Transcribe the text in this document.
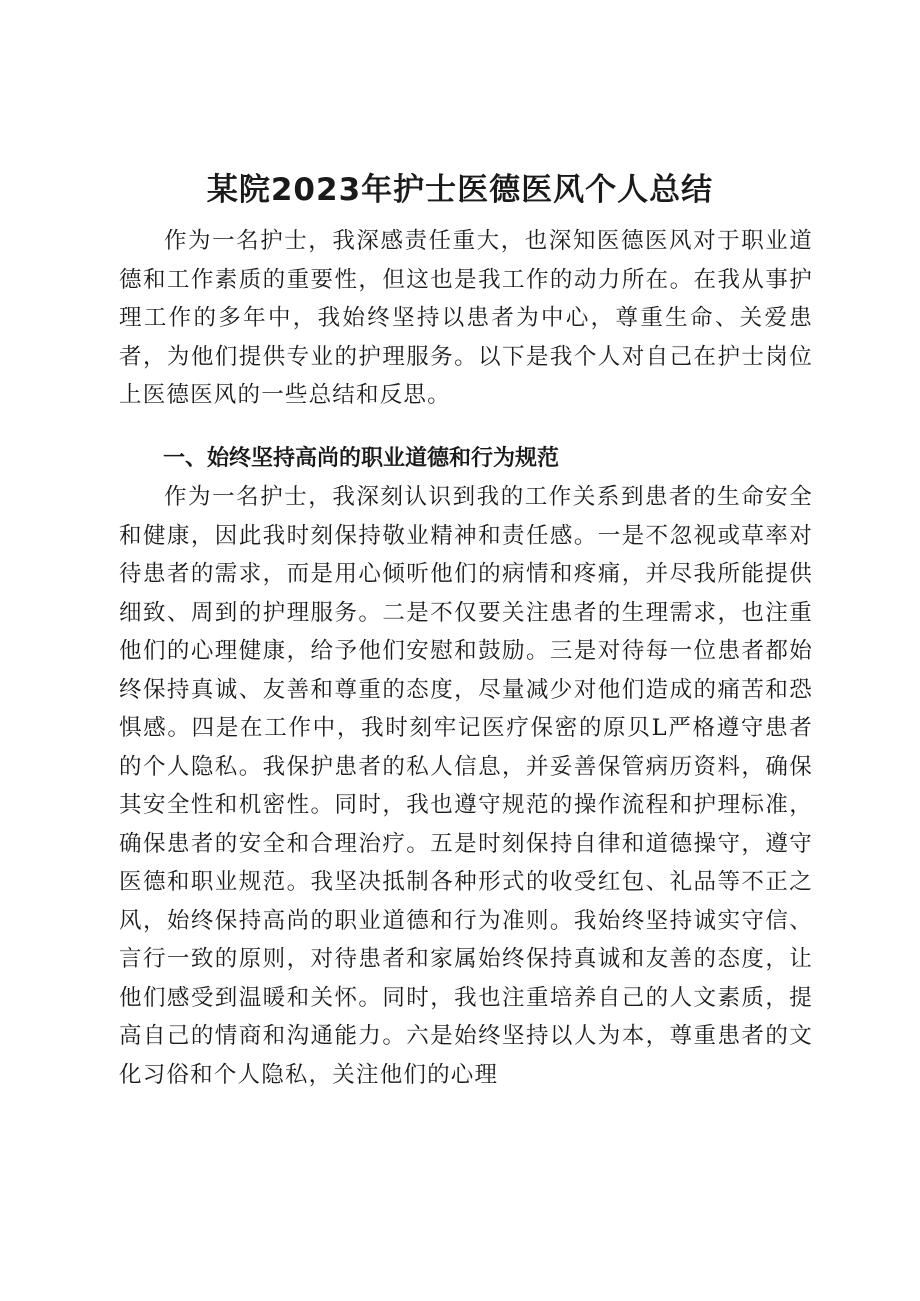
某院2023年护士医德医风个人总结

作为一名护士，我深感责任重大，也深知医德医风对于职业道德和工作素质的重要性，但这也是我工作的动力所在。在我从事护理工作的多年中，我始终坚持以患者为中心，尊重生命、关爱患者，为他们提供专业的护理服务。以下是我个人对自己在护士岗位上医德医风的一些总结和反思。

一、始终坚持高尚的职业道德和行为规范

作为一名护士，我深刻认识到我的工作关系到患者的生命安全和健康，因此我时刻保持敬业精神和责任感。一是不忽视或草率对待患者的需求，而是用心倾听他们的病情和疼痛，并尽我所能提供细致、周到的护理服务。二是不仅要关注患者的生理需求，也注重他们的心理健康，给予他们安慰和鼓励。三是对待每一位患者都始终保持真诚、友善和尊重的态度，尽量减少对他们造成的痛苦和恐惧感。四是在工作中，我时刻牢记医疗保密的原贝L严格遵守患者的个人隐私。我保护患者的私人信息，并妥善保管病历资料，确保其安全性和机密性。同时，我也遵守规范的操作流程和护理标准，确保患者的安全和合理治疗。五是时刻保持自律和道德操守，遵守医德和职业规范。我坚决抵制各种形式的收受红包、礼品等不正之风，始终保持高尚的职业道德和行为准则。我始终坚持诚实守信、言行一致的原则，对待患者和家属始终保持真诚和友善的态度，让他们感受到温暖和关怀。同时，我也注重培养自己的人文素质，提高自己的情商和沟通能力。六是始终坚持以人为本，尊重患者的文化习俗和个人隐私，关注他们的心理
